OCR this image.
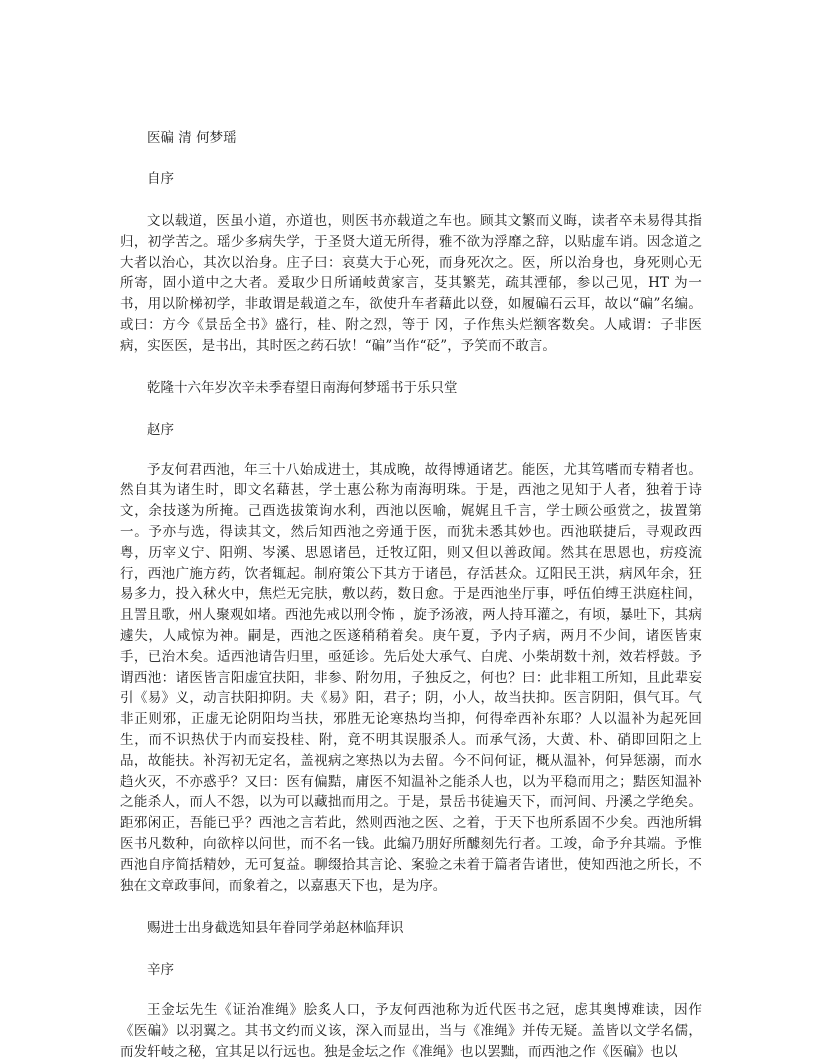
医碥 清 何梦瑶

自序

文以载道，医虽小道，亦道也，则医书亦载道之车也。顾其文繁而义晦，读者卒未易得其指归，初学苦之。瑶少多病失学，于圣贤大道无所得，雅不欲为浮靡之辞，以贴虚车诮。因念道之大者以治心，其次以治身。庄子曰：哀莫大于心死，而身死次之。医，所以治身也，身死则心无所寄，固小道中之大者。爰取少日所诵岐黄家言，芟其繁芜，疏其湮郁，参以己见，HT 为一书，用以阶梯初学，非敢谓是载道之车，欲使升车者藉此以登，如履碥石云耳，故以“碥”名编。或曰：方今《景岳全书》盛行，桂、附之烈，等于 冈，子作焦头烂额客数矣。人咸谓：子非医病，实医医，是书出，其时医之药石欤！“碥”当作“砭”，予笑而不敢言。

乾隆十六年岁次辛未季春望日南海何梦瑶书于乐只堂

赵序

予友何君西池，年三十八始成进士，其成晚，故得博通诸艺。能医，尤其笃嗜而专精者也。然自其为诸生时，即文名藉甚，学士惠公称为南海明珠。于是，西池之见知于人者，独着于诗文，余技遂为所掩。己酉选拔策询水利，西池以医喻，娓娓且千言，学士顾公亟赏之，拔置第一。予亦与选，得读其文，然后知西池之旁通于医，而犹未悉其妙也。西池联捷后，寻观政西粤，历宰义宁、阳朔、岑溪、思恩诸邑，迁牧辽阳，则又但以善政闻。然其在思恩也，疠疫流行，西池广施方药，饮者辄起。制府策公下其方于诸邑，存活甚众。辽阳民王洪，病风年余，狂易多力，投入秫火中，焦烂无完肤，敷以药，数日愈。于是西池坐厅事，呼伍伯缚王洪庭柱间，且詈且歌，州人聚观如堵。西池先戒以刑令怖 ，旋予汤液，两人持耳灌之，有顷，暴吐下，其病遽失，人咸惊为神。嗣是，西池之医遂稍稍着矣。庚午夏，予内子病，两月不少间，诸医皆束手，已治木矣。适西池请告归里，亟延诊。先后处大承气、白虎、小柴胡数十剂，效若桴鼓。予谓西池：诸医皆言阳虚宜扶阳，非参、附勿用，子独反之，何也？曰：此非粗工所知，且此辈妄引《易》义，动言扶阳抑阴。夫《易》阳，君子；阴，小人，故当扶抑。医言阴阳，俱气耳。气非正则邪，正虚无论阴阳均当扶，邪胜无论寒热均当抑，何得牵西补东耶？人以温补为起死回生，而不识热伏于内而妄投桂、附，竟不明其误服杀人。而承气汤，大黄、朴、硝即回阳之上品，故能扶。补泻初无定名，盖视病之寒热以为去留。今不问何证，概从温补，何异惩溺，而水趋火灭，不亦惑乎？又曰：医有偏黠，庸医不知温补之能杀人也，以为平稳而用之；黠医知温补之能杀人，而人不怨，以为可以藏拙而用之。于是，景岳书徒遍天下，而河间、丹溪之学绝矣。距邪闲正，吾能已乎？西池之言若此，然则西池之医、之着，于天下也所系固不少矣。西池所辑医书凡数种，向欲梓以问世，而不名一钱。此编乃朋好所醵刻先行者。工竣，命予弁其端。予惟西池自序简括精妙，无可复益。聊缀拾其言论、案验之未着于篇者告诸世，使知西池之所长，不独在文章政事间，而象着之，以嘉惠天下也，是为序。

赐进士出身截选知县年眷同学弟赵林临拜识

辛序

王金坛先生《证治准绳》脍炙人口，予友何西池称为近代医书之冠，虑其奥博难读，因作《医碥》以羽翼之。其书文约而义该，深入而显出，当与《准绳》并传无疑。盖皆以文学名儒，而发轩岐之秘，宜其足以行远也。独是金坛之作《准绳》也以罢黜，而西池之作《医碥》也以
